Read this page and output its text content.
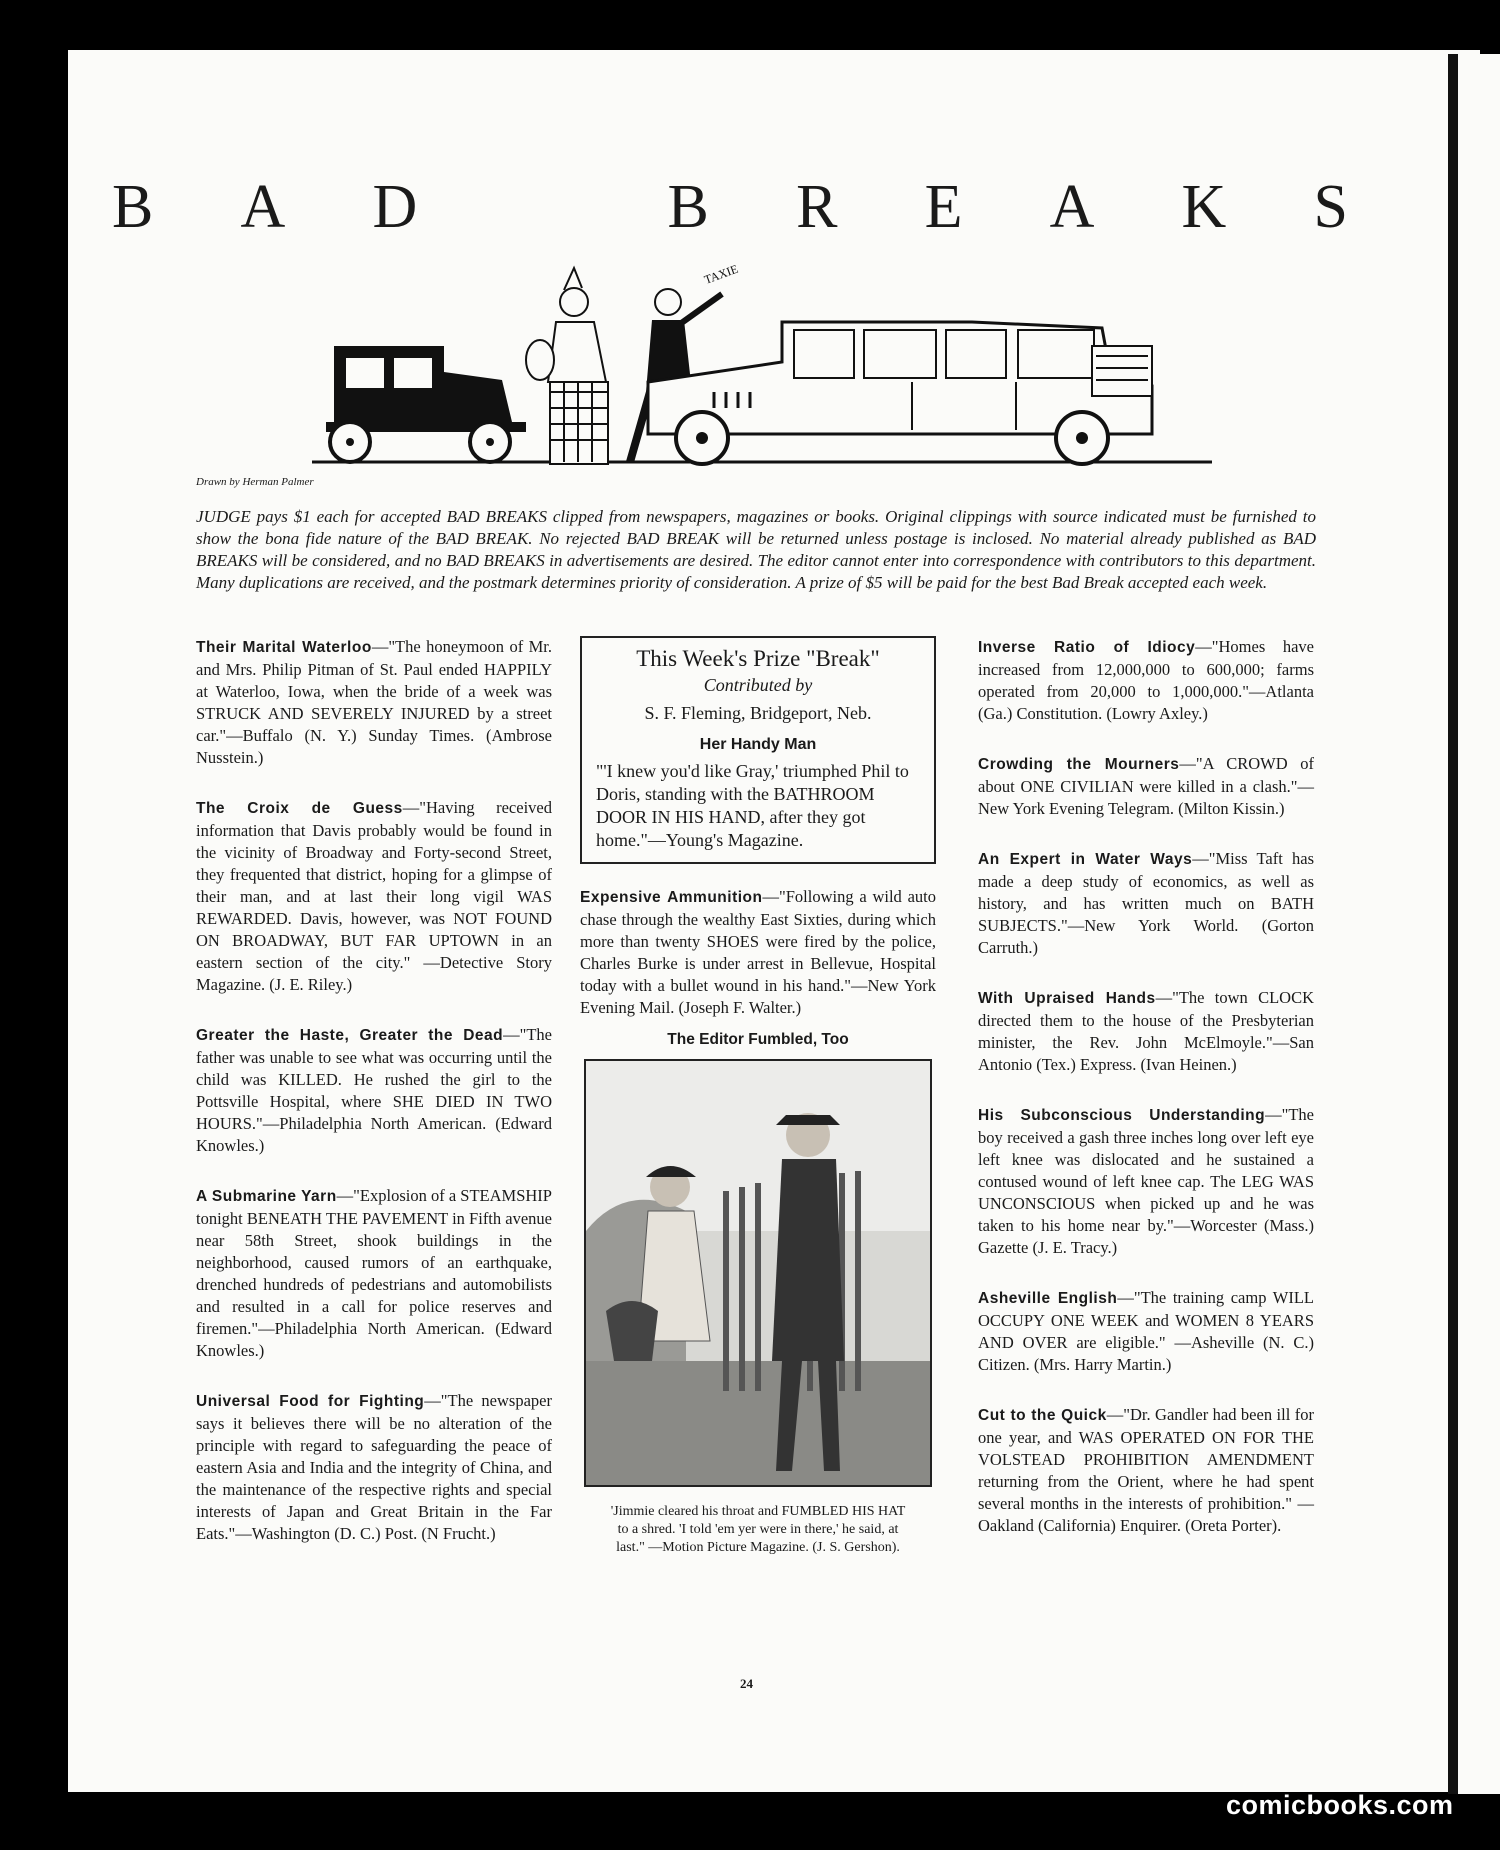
B A D	B R E A K S
TAXIE
Drawn by Herman Palmer
JUDGE pays $1 each for accepted BAD BREAKS clipped from newspapers, magazines or books. Original clippings with source indicated must be furnished to show the bona fide nature of the BAD BREAK. No rejected BAD BREAK will be returned unless postage is inclosed. No material already published as BAD BREAKS will be considered, and no BAD BREAKS in advertisements are desired. The editor cannot enter into correspondence with contributors to this department. Many duplications are received, and the postmark determines priority of consideration. A prize of $5 will be paid for the best Bad Break accepted each week.
Their Marital Waterloo—"The honeymoon of Mr. and Mrs. Philip Pitman of St. Paul ended HAPPILY at Waterloo, Iowa, when the bride of a week was STRUCK AND SEVERELY INJURED by a street car."—Buffalo (N. Y.) Sunday Times. (Ambrose Nusstein.)
The Croix de Guess—"Having received information that Davis probably would be found in the vicinity of Broadway and Forty-second Street, they frequented that district, hoping for a glimpse of their man, and at last their long vigil WAS REWARDED. Davis, however, was NOT FOUND ON BROADWAY, BUT FAR UPTOWN in an eastern section of the city." —Detective Story Magazine. (J. E. Riley.)
Greater the Haste, Greater the Dead—"The father was unable to see what was occurring until the child was KILLED. He rushed the girl to the Pottsville Hospital, where SHE DIED IN TWO HOURS."—Philadelphia North American. (Edward Knowles.)
A Submarine Yarn—"Explosion of a STEAMSHIP tonight BENEATH THE PAVEMENT in Fifth avenue near 58th Street, shook buildings in the neighborhood, caused rumors of an earthquake, drenched hundreds of pedestrians and automobilists and resulted in a call for police reserves and firemen."—Philadelphia North American. (Edward Knowles.)
Universal Food for Fighting—"The newspaper says it believes there will be no alteration of the principle with regard to safeguarding the peace of eastern Asia and India and the integrity of China, and the maintenance of the respective rights and special interests of Japan and Great Britain in the Far Eats."—Washington (D. C.) Post. (N Frucht.)
This Week's Prize "Break"
Contributed by
S. F. Fleming, Bridgeport, Neb.
Her Handy Man
"'I knew you'd like Gray,' triumphed Phil to Doris, standing with the BATHROOM DOOR IN HIS HAND, after they got home."—Young's Magazine.
Expensive Ammunition—"Following a wild auto chase through the wealthy East Sixties, during which more than twenty SHOES were fired by the police, Charles Burke is under arrest in Bellevue, Hospital today with a bullet wound in his hand."—New York Evening Mail. (Joseph F. Walter.)
The Editor Fumbled, Too
'Jimmie cleared his throat and FUMBLED HIS HAT to a shred. 'I told 'em yer were in there,' he said, at last." —Motion Picture Magazine. (J. S. Gershon).
Inverse Ratio of Idiocy—"Homes have increased from 12,000,000 to 600,000; farms operated from 20,000 to 1,000,000."—Atlanta (Ga.) Constitution. (Lowry Axley.)
Crowding the Mourners—"A CROWD of about ONE CIVILIAN were killed in a clash."—New York Evening Telegram. (Milton Kissin.)
An Expert in Water Ways—"Miss Taft has made a deep study of economics, as well as history, and has written much on BATH SUBJECTS."—New York World. (Gorton Carruth.)
With Upraised Hands—"The town CLOCK directed them to the house of the Presbyterian minister, the Rev. John McElmoyle."—San Antonio (Tex.) Express. (Ivan Heinen.)
His Subconscious Understanding—"The boy received a gash three inches long over left eye left knee was dislocated and he sustained a contused wound of left knee cap. The LEG WAS UNCONSCIOUS when picked up and he was taken to his home near by."—Worcester (Mass.) Gazette (J. E. Tracy.)
Asheville English—"The training camp WILL OCCUPY ONE WEEK and WOMEN 8 YEARS AND OVER are eligible." —Asheville (N. C.) Citizen. (Mrs. Harry Martin.)
Cut to the Quick—"Dr. Gandler had been ill for one year, and WAS OPERATED ON FOR THE VOLSTEAD PROHIBITION AMENDMENT returning from the Orient, where he had spent several months in the interests of prohibition." —Oakland (California) Enquirer. (Oreta Porter).
24
comicbooks.com
